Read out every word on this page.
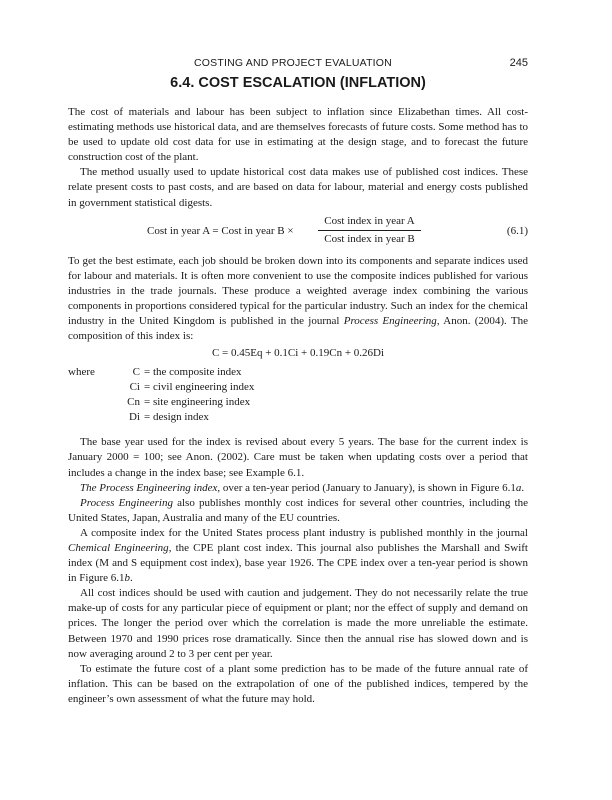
COSTING AND PROJECT EVALUATION	245
6.4. COST ESCALATION (INFLATION)

The cost of materials and labour has been subject to inflation since Elizabethan times. All cost-estimating methods use historical data, and are themselves forecasts of future costs. Some method has to be used to update old cost data for use in estimating at the design stage, and to forecast the future construction cost of the plant.

The method usually used to update historical cost data makes use of published cost indices. These relate present costs to past costs, and are based on data for labour, material and energy costs published in government statistical digests.

Cost in year A = Cost in year B ×
Cost index in year A
Cost index in year B
(6.1)

To get the best estimate, each job should be broken down into its components and separate indices used for labour and materials. It is often more convenient to use the composite indices published for various industries in the trade journals. These produce a weighted average index combining the various components in proportions considered typical for the particular industry. Such an index for the chemical industry in the United Kingdom is published in the journal Process Engineering, Anon. (2004). The composition of this index is:

C = 0.45Eq + 0.1Ci + 0.19Cn + 0.26Di
where	C = the composite index
Ci = civil engineering index
Cn = site engineering index
Di = design index

The base year used for the index is revised about every 5 years. The base for the current index is January 2000 = 100; see Anon. (2002). Care must be taken when updating costs over a period that includes a change in the index base; see Example 6.1.

The Process Engineering index, over a ten-year period (January to January), is shown in Figure 6.1a.

Process Engineering also publishes monthly cost indices for several other countries, including the United States, Japan, Australia and many of the EU countries.

A composite index for the United States process plant industry is published monthly in the journal Chemical Engineering, the CPE plant cost index. This journal also publishes the Marshall and Swift index (M and S equipment cost index), base year 1926. The CPE index over a ten-year period is shown in Figure 6.1b.

All cost indices should be used with caution and judgement. They do not necessarily relate the true make-up of costs for any particular piece of equipment or plant; nor the effect of supply and demand on prices. The longer the period over which the correlation is made the more unreliable the estimate. Between 1970 and 1990 prices rose dramatically. Since then the annual rise has slowed down and is now averaging around 2 to 3 per cent per year.

To estimate the future cost of a plant some prediction has to be made of the future annual rate of inflation. This can be based on the extrapolation of one of the published indices, tempered by the engineer’s own assessment of what the future may hold.
